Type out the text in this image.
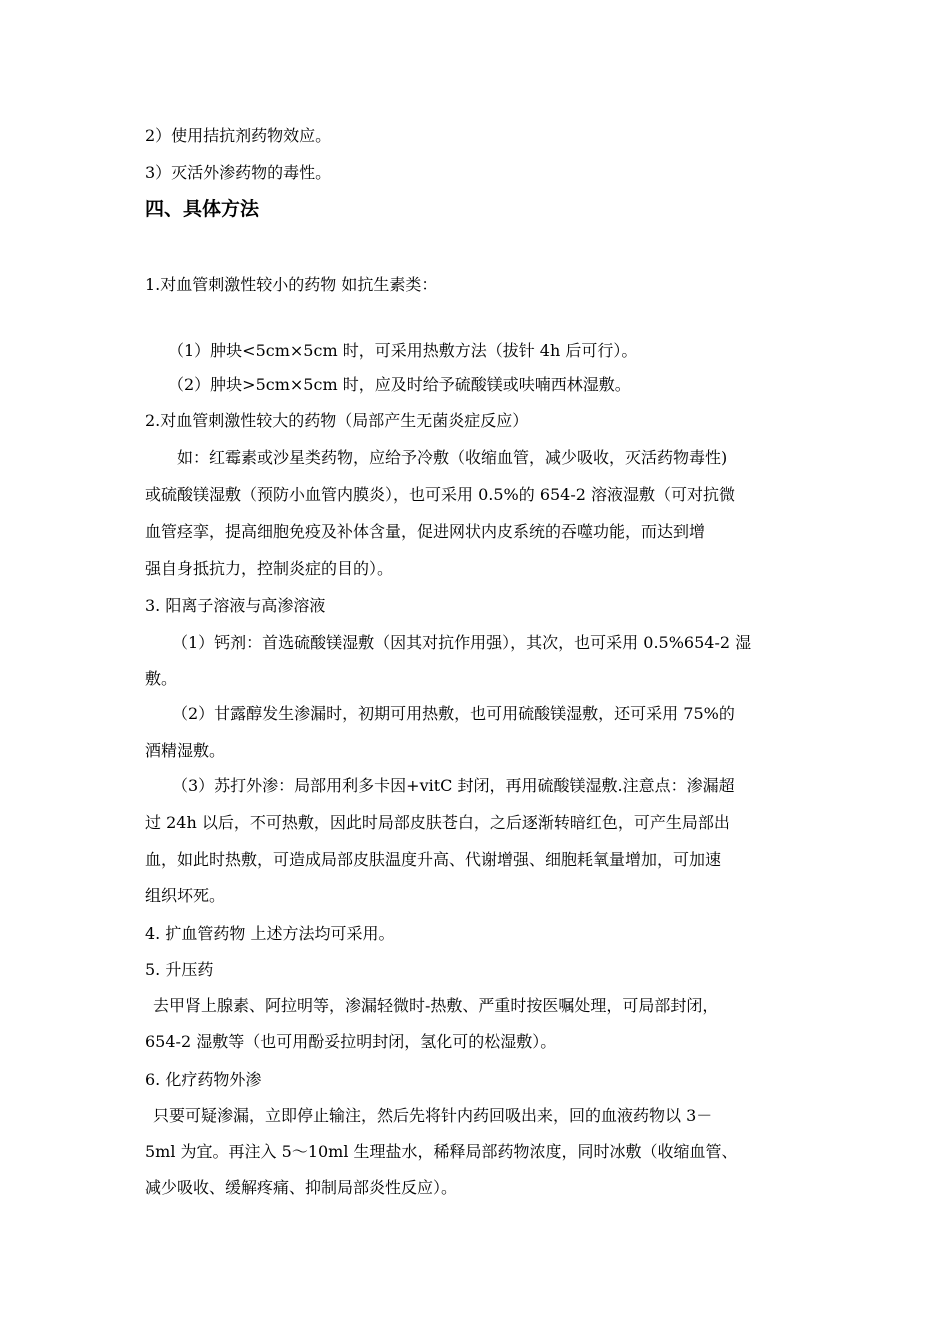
2）使用拮抗剂药物效应。
3）灭活外渗药物的毒性。
四、具体方法
1.对血管刺激性较小的药物 如抗生素类：
（1）肿块<5cm×5cm 时，可采用热敷方法（拔针 4h 后可行）。
（2）肿块>5cm×5cm 时，应及时给予硫酸镁或呋喃西林湿敷。
2.对血管刺激性较大的药物（局部产生无菌炎症反应）
如：红霉素或沙星类药物，应给予冷敷（收缩血管，减少吸收，灭活药物毒性)
或硫酸镁湿敷（预防小血管内膜炎），也可采用 0.5%的 654-2 溶液湿敷（可对抗微
血管痉挛，提高细胞免疫及补体含量，促进网状内皮系统的吞噬功能，而达到增
强自身抵抗力，控制炎症的目的）。
3. 阳离子溶液与高渗溶液
（1）钙剂：首选硫酸镁湿敷（因其对抗作用强），其次，也可采用 0.5%654-2 湿
敷。
（2）甘露醇发生渗漏时，初期可用热敷，也可用硫酸镁湿敷，还可采用 75%的
酒精湿敷。
（3）苏打外渗：局部用利多卡因+vitC 封闭，再用硫酸镁湿敷.注意点：渗漏超
过 24h 以后，不可热敷，因此时局部皮肤苍白，之后逐渐转暗红色，可产生局部出
血，如此时热敷，可造成局部皮肤温度升高、代谢增强、细胞耗氧量增加，可加速
组织坏死。
4. 扩血管药物 上述方法均可采用。
5. 升压药
去甲肾上腺素、阿拉明等，渗漏轻微时-热敷、严重时按医嘱处理，可局部封闭，
654-2 湿敷等（也可用酚妥拉明封闭，氢化可的松湿敷）。
6. 化疗药物外渗
只要可疑渗漏，立即停止输注，然后先将针内药回吸出来，回的血液药物以 3－
5ml 为宜。再注入 5～10ml 生理盐水，稀释局部药物浓度，同时冰敷（收缩血管、
减少吸收、缓解疼痛、抑制局部炎性反应）。
